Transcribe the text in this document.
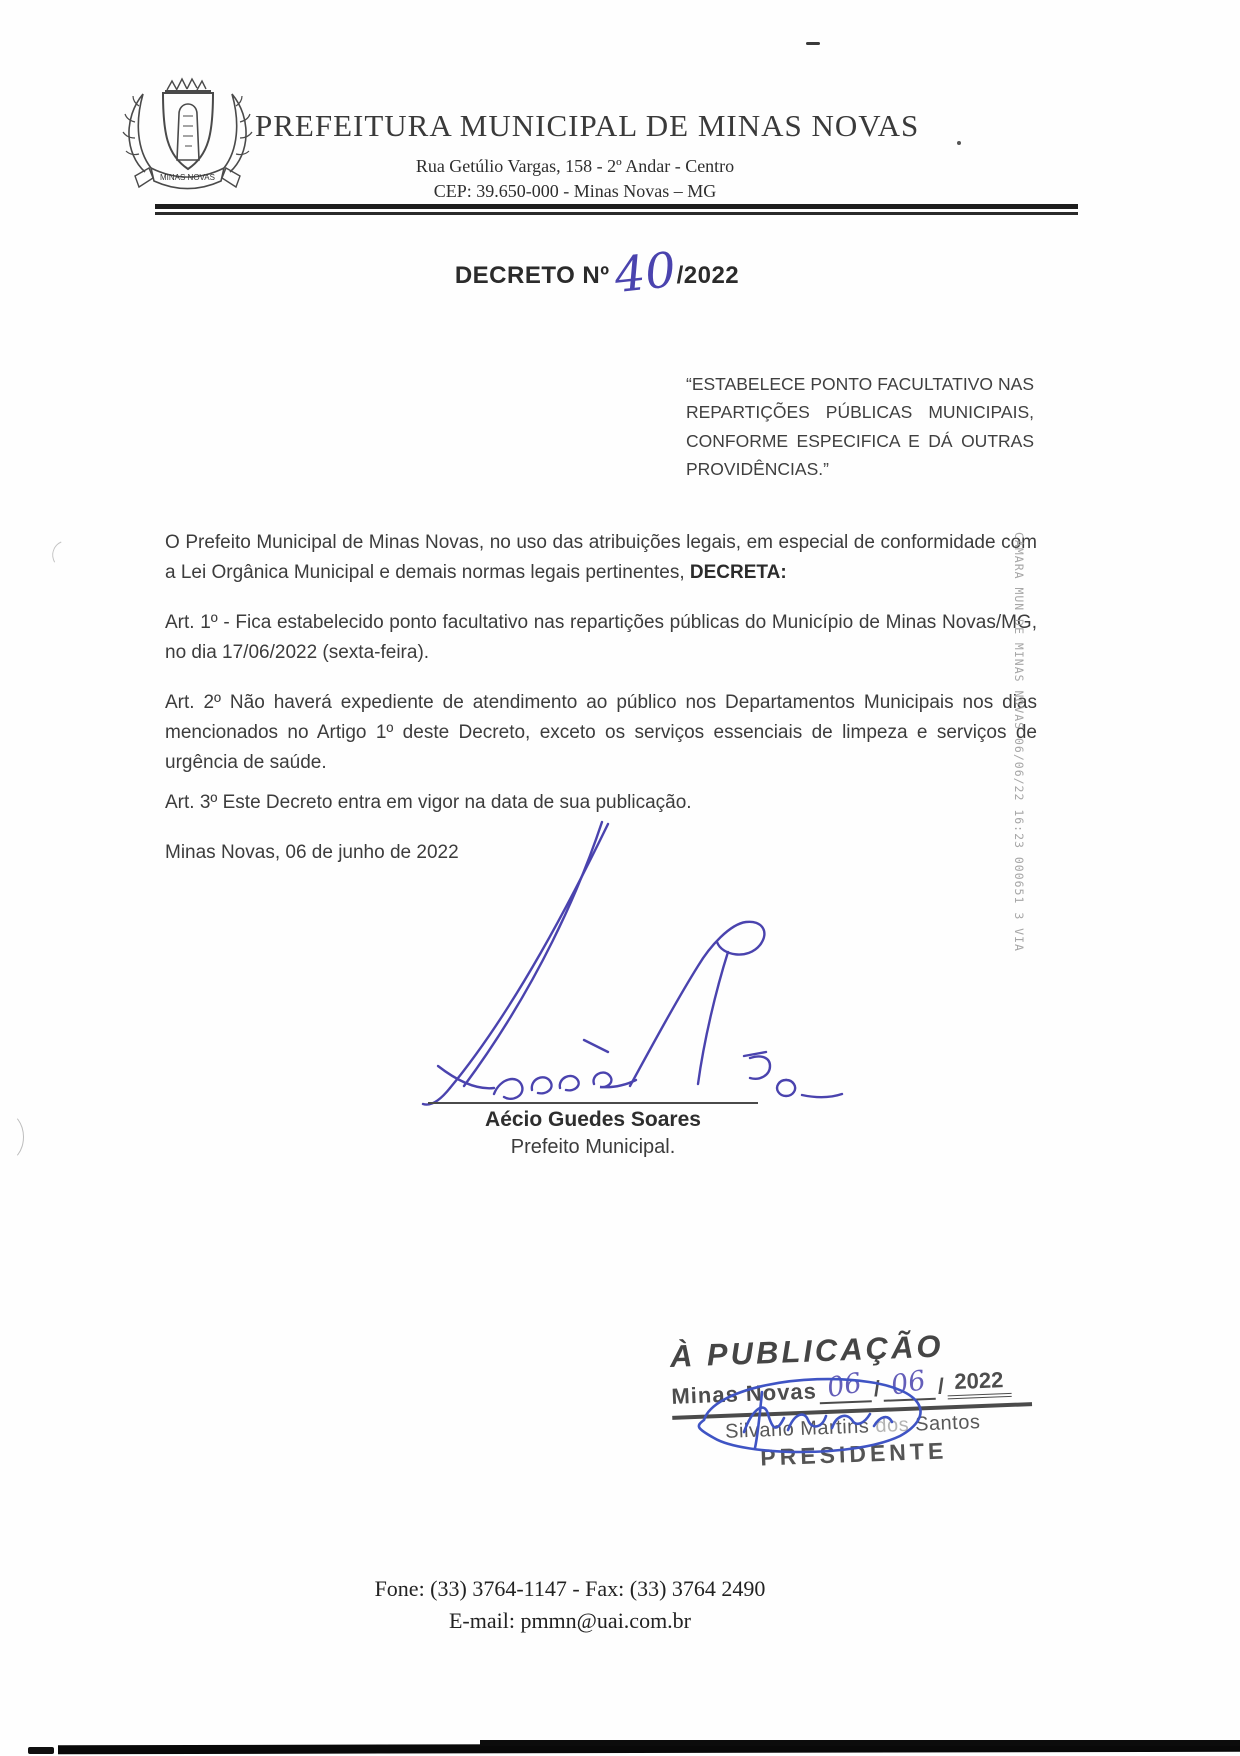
MINAS NOVAS
PREFEITURA MUNICIPAL DE MINAS NOVAS
Rua Getúlio Vargas, 158 - 2º Andar - Centro
CEP: 39.650-000 - Minas Novas – MG
DECRETO Nº40/2022
“ESTABELECE PONTO FACULTATIVO NAS REPARTIÇÕES PÚBLICAS MUNICIPAIS, CONFORME ESPECIFICA E DÁ OUTRAS PROVIDÊNCIAS.”
O Prefeito Municipal de Minas Novas, no uso das atribuições legais, em especial de conformidade com a Lei Orgânica Municipal e demais normas legais pertinentes, DECRETA:
Art. 1º - Fica estabelecido ponto facultativo nas repartições públicas do Município de Minas Novas/MG, no dia 17/06/2022 (sexta-feira).
Art. 2º Não haverá expediente de atendimento ao público nos Departamentos Municipais nos dias mencionados no Artigo 1º deste Decreto, exceto os serviços essenciais de limpeza e serviços de urgência de saúde.
Art. 3º Este Decreto entra em vigor na data de sua publicação.
Minas Novas, 06 de junho de 2022
Aécio Guedes Soares
Prefeito Municipal.
CAMARA MUN DE MINAS NOVAS 06/06/22 16:23 000651 3 VIA
À PUBLICAÇÃO
Minas Novas 06 / 06 / 2022
Silvano Martins dos Santos
PRESIDENTE
Fone: (33) 3764-1147 - Fax: (33) 3764 2490
E-mail: pmmn@uai.com.br
